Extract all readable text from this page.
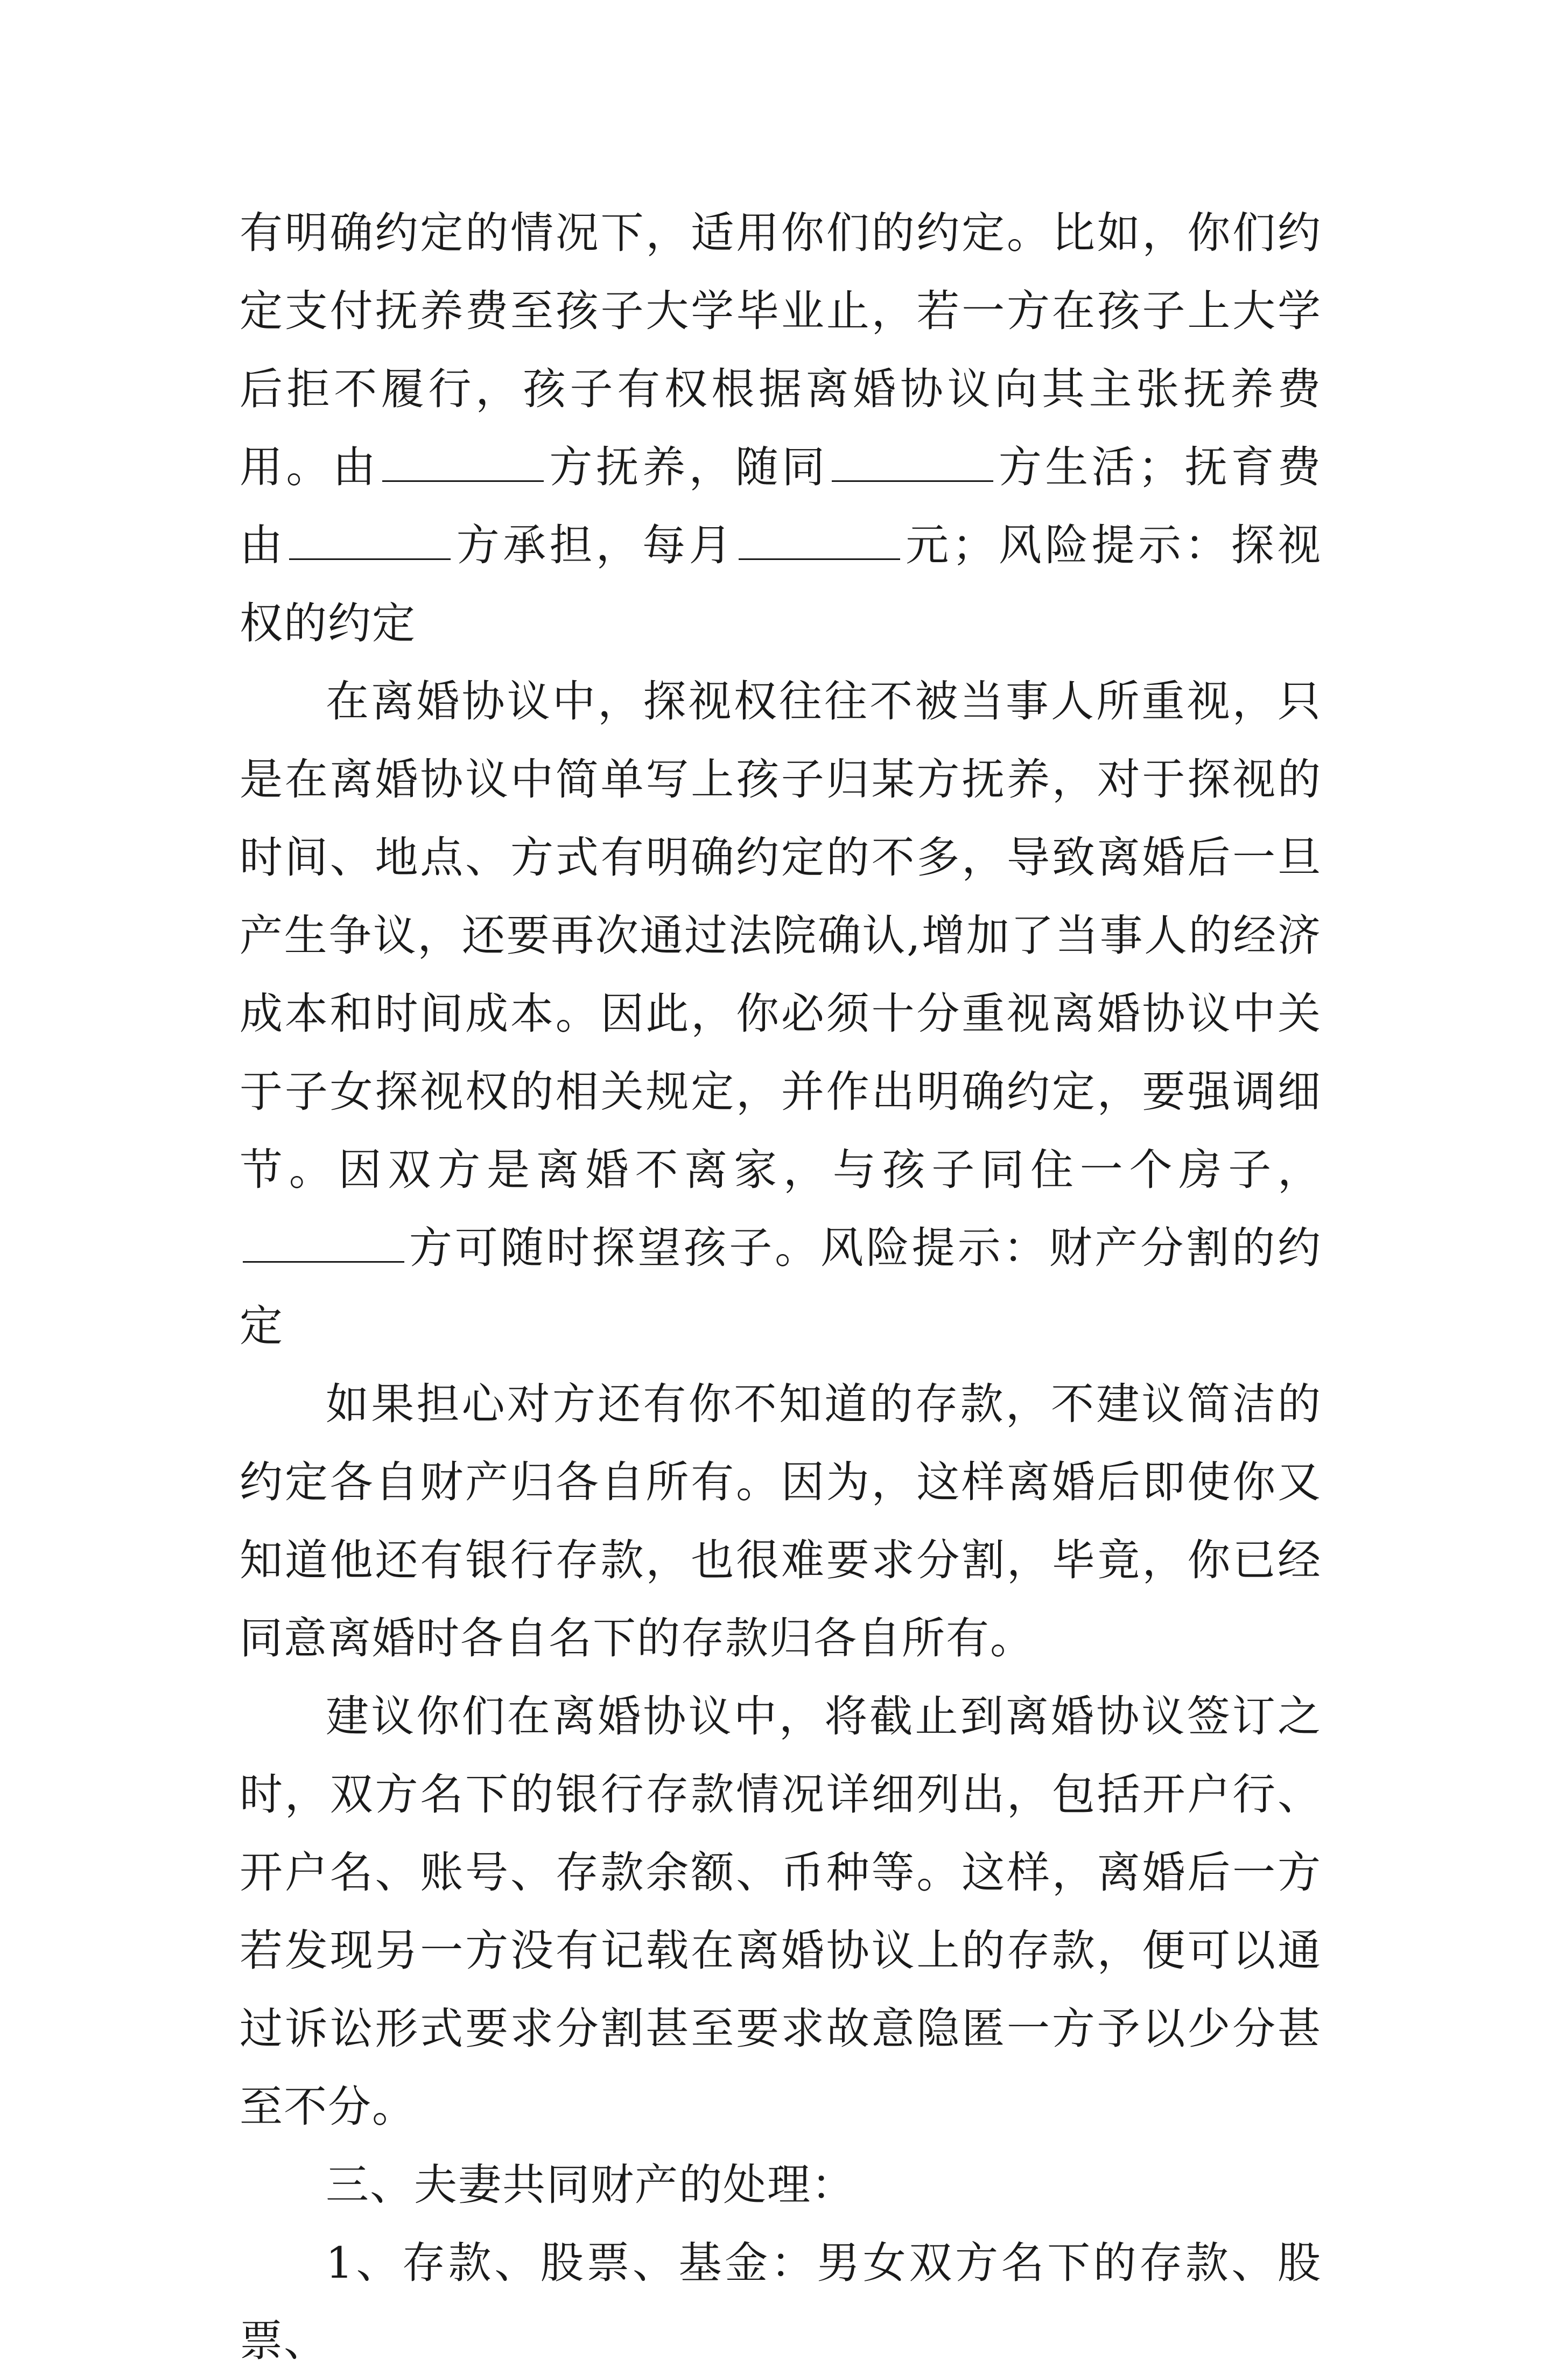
有明确约定的情况下，适用你们的约定。比如，你们约定支付抚养费至孩子大学毕业止，若一方在孩子上大学后拒不履行，孩子有权根据离婚协议向其主张抚养费用。由	方抚养，随同	方生活；抚育费由	方承担，每月	元；风险提示：探视权的约定

在离婚协议中，探视权往往不被当事人所重视，只是在离婚协议中简单写上孩子归某方抚养，对于探视的时间、地点、方式有明确约定的不多，导致离婚后一旦产生争议，还要再次通过法院确认,增加了当事人的经济成本和时间成本。因此，你必须十分重视离婚协议中关于子女探视权的相关规定，并作出明确约定，要强调细节。因双方是离婚不离家，与孩子同住一个房子，方可随时探望孩子。风险提示：财产分割的约定

如果担心对方还有你不知道的存款，不建议简洁的约定各自财产归各自所有。因为，这样离婚后即使你又知道他还有银行存款，也很难要求分割，毕竟，你已经同意离婚时各自名下的存款归各自所有。

建议你们在离婚协议中，将截止到离婚协议签订之时，双方名下的银行存款情况详细列出，包括开户行、开户名、账号、存款余额、币种等。这样，离婚后一方若发现另一方没有记载在离婚协议上的存款，便可以通过诉讼形式要求分割甚至要求故意隐匿一方予以少分甚至不分。

三、夫妻共同财产的处理：

1、存款、股票、基金：男女双方名下的存款、股票、
